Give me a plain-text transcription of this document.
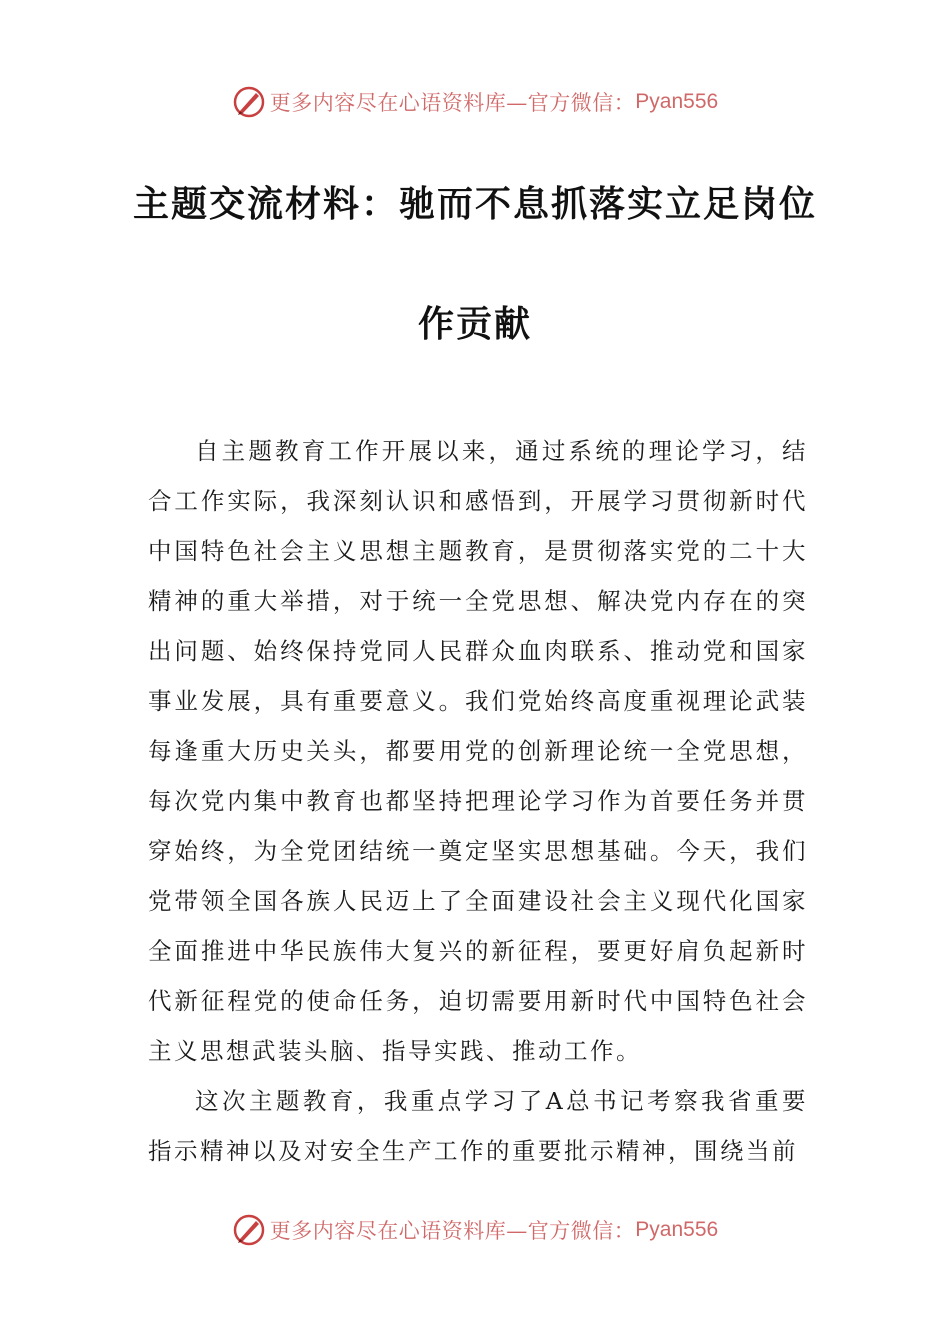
更多内容尽在心语资料库—官方微信： Pyan556
主题交流材料：驰而不息抓落实立足岗位
作贡献

自主题教育工作开展以来，通过系统的理论学习，结合工作实际，我深刻认识和感悟到，开展学习贯彻新时代中国特色社会主义思想主题教育，是贯彻落实党的二十大精神的重大举措，对于统一全党思想、解决党内存在的突出问题、始终保持党同人民群众血肉联系、推动党和国家事业发展，具有重要意义。我们党始终高度重视理论武装每逢重大历史关头，都要用党的创新理论统一全党思想，每次党内集中教育也都坚持把理论学习作为首要任务并贯穿始终，为全党团结统一奠定坚实思想基础。今天，我们党带领全国各族人民迈上了全面建设社会主义现代化国家全面推进中华民族伟大复兴的新征程，要更好肩负起新时代新征程党的使命任务，迫切需要用新时代中国特色社会主义思想武装头脑、指导实践、推动工作。

这次主题教育，我重点学习了A总书记考察我省重要指示精神以及对安全生产工作的重要批示精神，围绕当前

更多内容尽在心语资料库—官方微信： Pyan556
